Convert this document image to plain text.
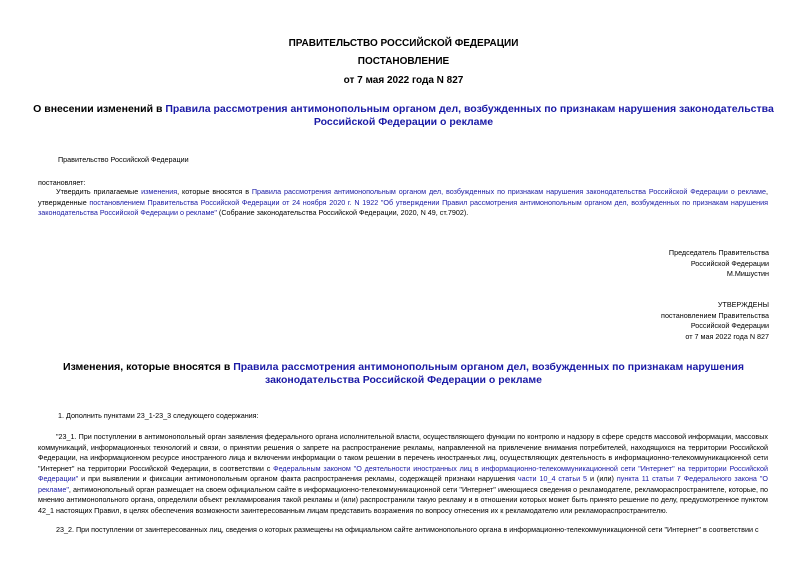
ПРАВИТЕЛЬСТВО РОССИЙСКОЙ ФЕДЕРАЦИИ
ПОСТАНОВЛЕНИЕ
от 7 мая 2022 года N 827
О внесении изменений в Правила рассмотрения антимонопольным органом дел, возбужденных по признакам нарушения законодательства Российской Федерации о рекламе
Правительство Российской Федерации
постановляет:
Утвердить прилагаемые изменения, которые вносятся в Правила рассмотрения антимонопольным органом дел, возбужденных по признакам нарушения законодательства Российской Федерации о рекламе, утвержденные постановлением Правительства Российской Федерации от 24 ноября 2020 г. N 1922 "Об утверждении Правил рассмотрения антимонопольным органом дел, возбужденных по признакам нарушения законодательства Российской Федерации о рекламе" (Собрание законодательства Российской Федерации, 2020, N 49, ст.7902).
Председатель Правительства
Российской Федерации
М.Мишустин
УТВЕРЖДЕНЫ
постановлением Правительства
Российской Федерации
от 7 мая 2022 года N 827
Изменения, которые вносятся в Правила рассмотрения антимонопольным органом дел, возбужденных по признакам нарушения законодательства Российской Федерации о рекламе
1. Дополнить пунктами 23_1-23_3 следующего содержания:
"23_1. При поступлении в антимонопольный орган заявления федерального органа исполнительной власти, осуществляющего функции по контролю и надзору в сфере средств массовой информации, массовых коммуникаций, информационных технологий и связи, о принятии решения о запрете на распространение рекламы, направленной на привлечение внимания потребителей, находящихся на территории Российской Федерации, на информационном ресурсе иностранного лица и включении информации о таком решении в перечень иностранных лиц, осуществляющих деятельность в информационно-телекоммуникационной сети "Интернет" на территории Российской Федерации, в соответствии с Федеральным законом "О деятельности иностранных лиц в информационно-телекоммуникационной сети "Интернет" на территории Российской Федерации" и при выявлении и фиксации антимонопольным органом факта распространения рекламы, содержащей признаки нарушения части 10_4 статьи 5 и (или) пункта 11 статьи 7 Федерального закона "О рекламе", антимонопольный орган размещает на своем официальном сайте в информационно-телекоммуникационной сети "Интернет" имеющиеся сведения о рекламодателе, рекламораспространителе, которые, по мнению антимонопольного органа, определили объект рекламирования такой рекламы и (или) распространили такую рекламу и в отношении которых может быть принято решение по делу, предусмотренное пунктом 42_1 настоящих Правил, в целях обеспечения возможности заинтересованным лицам представить возражения по вопросу отнесения их к рекламодателю или рекламораспространителю.
23_2. При поступлении от заинтересованных лиц, сведения о которых размещены на официальном сайте антимонопольного органа в информационно-телекоммуникационной сети "Интернет" в соответствии с
